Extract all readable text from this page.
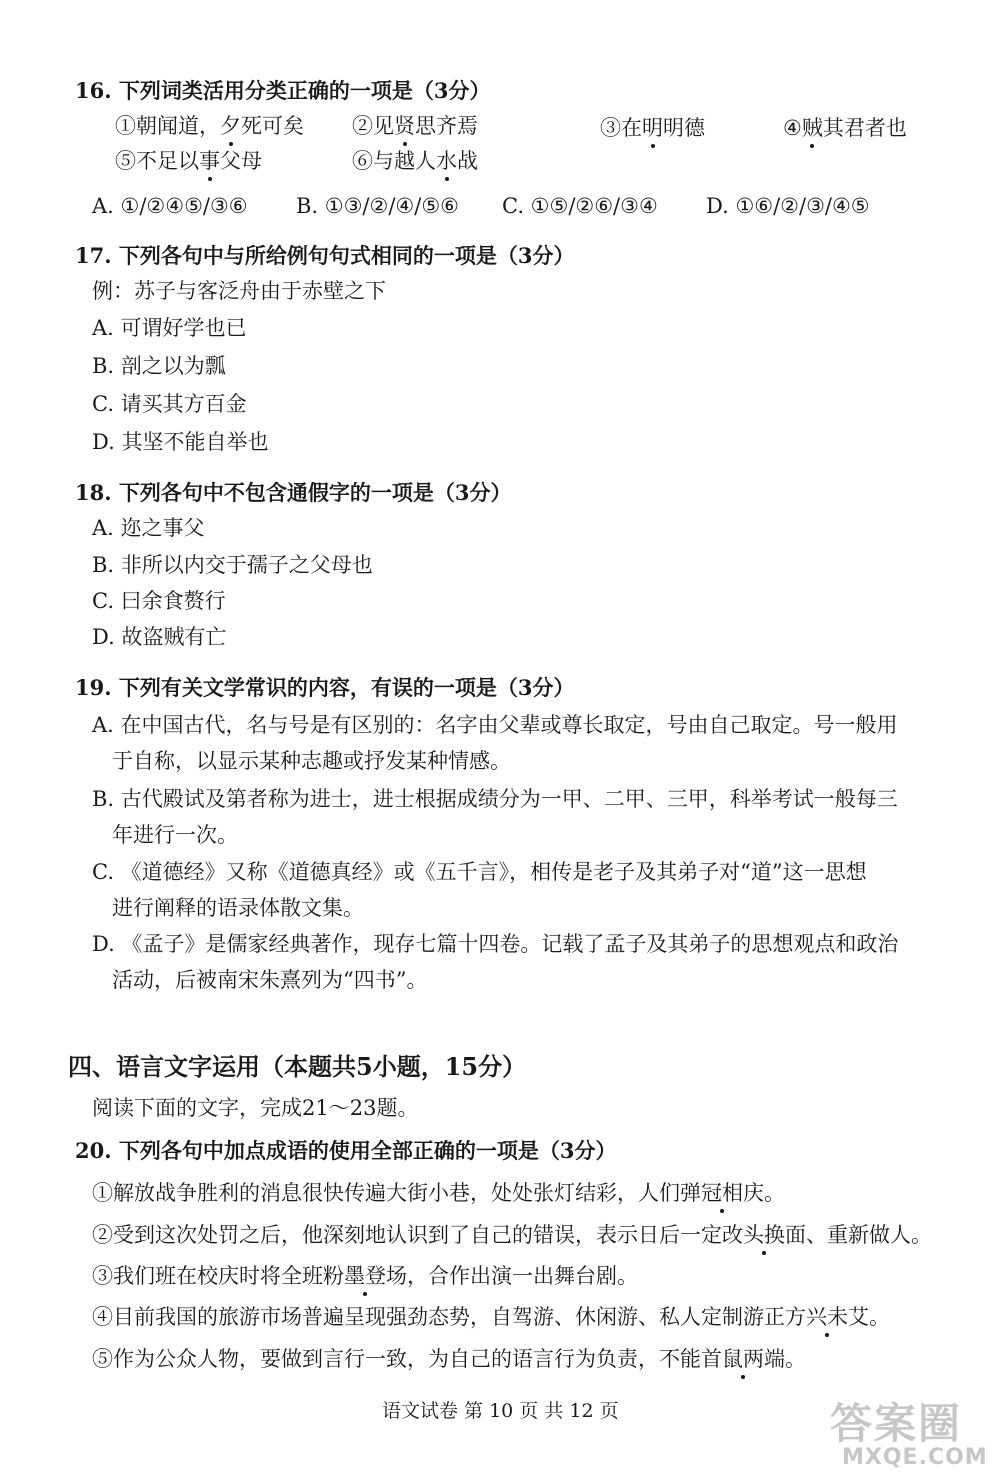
16. 下列词类活用分类正确的一项是（3分）
①朝闻道，夕死可矣 ②见贤思齐焉	③在明明德	④贼其君者也
⑤不足以事父母	⑥与越人水战
A. ①/②④⑤/③⑥ B. ①③/②/④/⑤⑥ C. ①⑤/②⑥/③④ D. ①⑥/②/③/④⑤
17. 下列各句中与所给例句句式相同的一项是（3分）
例：苏子与客泛舟由于赤壁之下
A. 可谓好学也已
B. 剖之以为瓢
C. 请买其方百金
D. 其坚不能自举也
18. 下列各句中不包含通假字的一项是（3分）
A. 迩之事父
B. 非所以内交于孺子之父母也
C. 曰余食赘行
D. 故盗贼有亡
19. 下列有关文学常识的内容，有误的一项是（3分）
A. 在中国古代，名与号是有区别的：名字由父辈或尊长取定，号由自己取定。号一般用
于自称，以显示某种志趣或抒发某种情感。
B. 古代殿试及第者称为进士，进士根据成绩分为一甲、二甲、三甲，科举考试一般每三
年进行一次。
C. 《道德经》又称《道德真经》或《五千言》，相传是老子及其弟子对“道”这一思想
进行阐释的语录体散文集。
D. 《孟子》是儒家经典著作，现存七篇十四卷。记载了孟子及其弟子的思想观点和政治
活动，后被南宋朱熹列为“四书”。
四、语言文字运用（本题共5小题，15分）
阅读下面的文字，完成21～23题。
20. 下列各句中加点成语的使用全部正确的一项是（3分）
①解放战争胜利的消息很快传遍大街小巷，处处张灯结彩，人们弹冠相庆。
②受到这次处罚之后，他深刻地认识到了自己的错误，表示日后一定改头换面、重新做人。
③我们班在校庆时将全班粉墨登场，合作出演一出舞台剧。
④目前我国的旅游市场普遍呈现强劲态势，自驾游、休闲游、私人定制游正方兴未艾。
⑤作为公众人物，要做到言行一致，为自己的语言行为负责，不能首鼠两端。
语文试卷 第 10 页 共 12 页	答案圈
MXQE.COM
